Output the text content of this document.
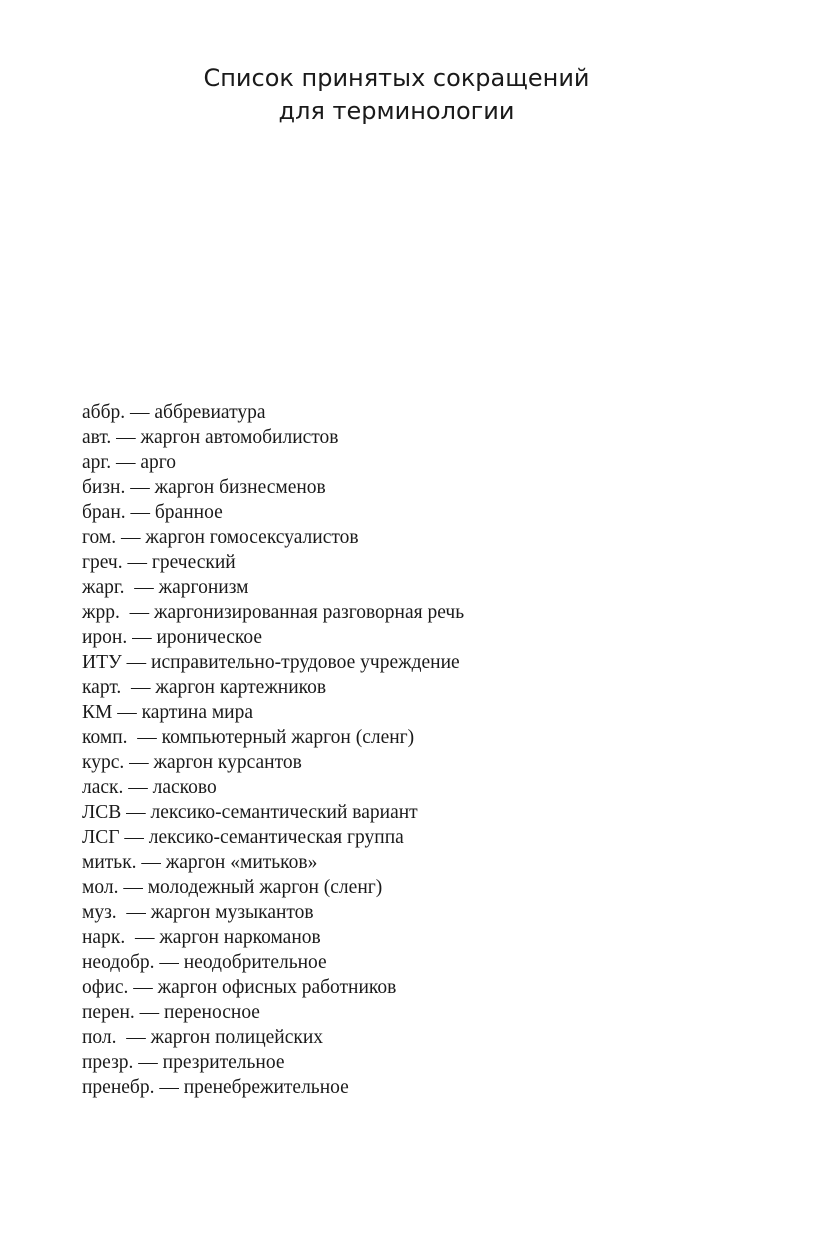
Список принятых сокращений
для терминологии
аббр. — аббревиатура
авт. — жаргон автомобилистов
арг. — арго
бизн. — жаргон бизнесменов
бран. — бранное
гом. — жаргон гомосексуалистов
греч. — греческий
жарг.  — жаргонизм
жрр.  — жаргонизированная разговорная речь
ирон. — ироническое
ИТУ — исправительно-трудовое учреждение
карт.  — жаргон картежников
КМ — картина мира
комп.  — компьютерный жаргон (сленг)
курс. — жаргон курсантов
ласк. — ласково
ЛСВ — лексико-семантический вариант
ЛСГ — лексико-семантическая группа
митьк. — жаргон «митьков»
мол. — молодежный жаргон (сленг)
муз.  — жаргон музыкантов
нарк.  — жаргон наркоманов
неодобр. — неодобрительное
офис. — жаргон офисных работников
перен. — переносное
пол.  — жаргон полицейских
презр. — презрительное
пренебр. — пренебрежительное
